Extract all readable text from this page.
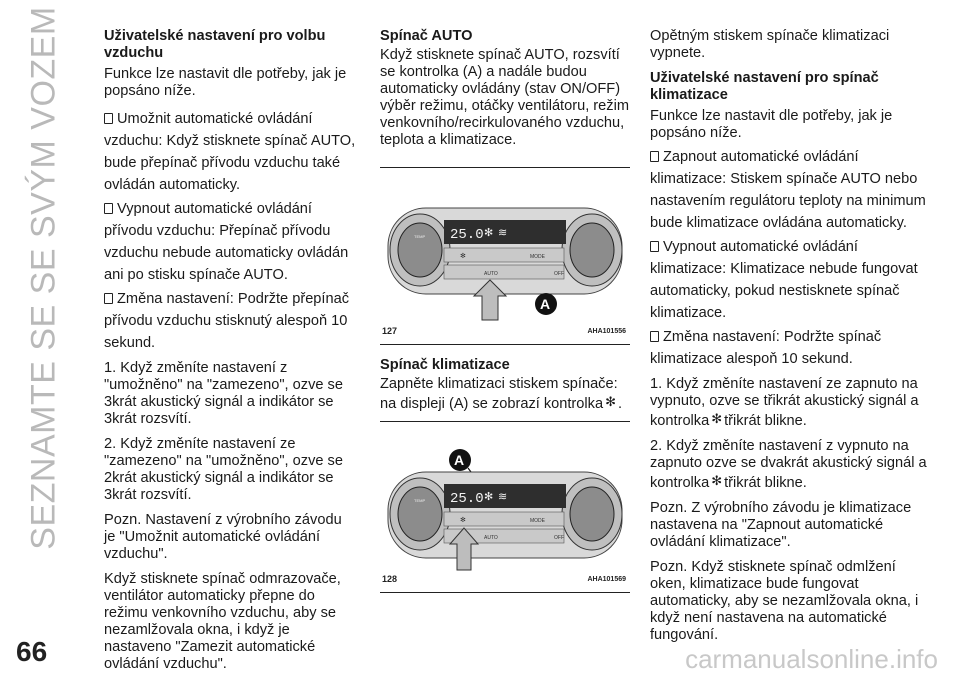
SEZNAMTE SE SE SVÝM VOZEM
66
Uživatelské nastavení pro volbu vzduchu

Funkce lze nastavit dle potřeby, jak je popsáno níže.

Umožnit automatické ovládání vzduchu: Když stisknete spínač AUTO, bude přepínač přívodu vzduchu také ovládán automaticky.
Vypnout automatické ovládání přívodu vzduchu: Přepínač přívodu vzduchu nebude automaticky ovládán ani po stisku spínače AUTO.
Změna nastavení: Podržte přepínač přívodu vzduchu stisknutý alespoň 10 sekund.

1. Když změníte nastavení z "umožněno" na "zamezeno", ozve se 3krát akustický signál a indikátor se 3krát rozsvítí.

2. Když změníte nastavení ze "zamezeno" na "umožněno", ozve se 2krát akustický signál a indikátor se 3krát rozsvítí.

Pozn. Nastavení z výrobního závodu je "Umožnit automatické ovládání vzduchu".

Když stisknete spínač odmrazovače, ventilátor automaticky přepne do režimu venkovního vzduchu, aby se nezamlžovala okna, i když je nastaveno "Zamezit automatické ovládání vzduchu".

Spínač AUTO

Když stisknete spínač AUTO, rozsvítí se kontrolka (A) a nadále budou automaticky ovládány (stav ON/OFF) výběr režimu, otáčky ventilátoru, režim venkovního/recirkulovaného vzduchu, teplota a klimatizace.

25.0 ✻ ≋
✻	MODE
AUTO	OFF
TEMP
A
127	AHA101556
Spínač klimatizace

Zapněte klimatizaci stiskem spínače: na displeji (A) se zobrazí kontrolka ✻ .

A
25.0 ✻ ≋
✻	MODE
AUTO	OFF
TEMP
128	AHA101569

Opětným stiskem spínače klimatizaci vypnete.

Uživatelské nastavení pro spínač klimatizace

Funkce lze nastavit dle potřeby, jak je popsáno níže.

Zapnout automatické ovládání klimatizace: Stiskem spínače AUTO nebo nastavením regulátoru teploty na minimum bude klimatizace ovládána automaticky.
Vypnout automatické ovládání klimatizace: Klimatizace nebude fungovat automaticky, pokud nestisknete spínač klimatizace.
Změna nastavení: Podržte spínač klimatizace alespoň 10 sekund.

1. Když změníte nastavení ze zapnuto na vypnuto, ozve se třikrát akustický signál a kontrolka ✻ třikrát blikne.

2. Když změníte nastavení z vypnuto na zapnuto ozve se dvakrát akustický signál a kontrolka ✻ třikrát blikne.

Pozn. Z výrobního závodu je klimatizace nastavena na "Zapnout automatické ovládání klimatizace".

Pozn. Když stisknete spínač odmlžení oken, klimatizace bude fungovat automaticky, aby se nezamlžovala okna, i když není nastavena na automatické fungování.

carmanualsonline.info
